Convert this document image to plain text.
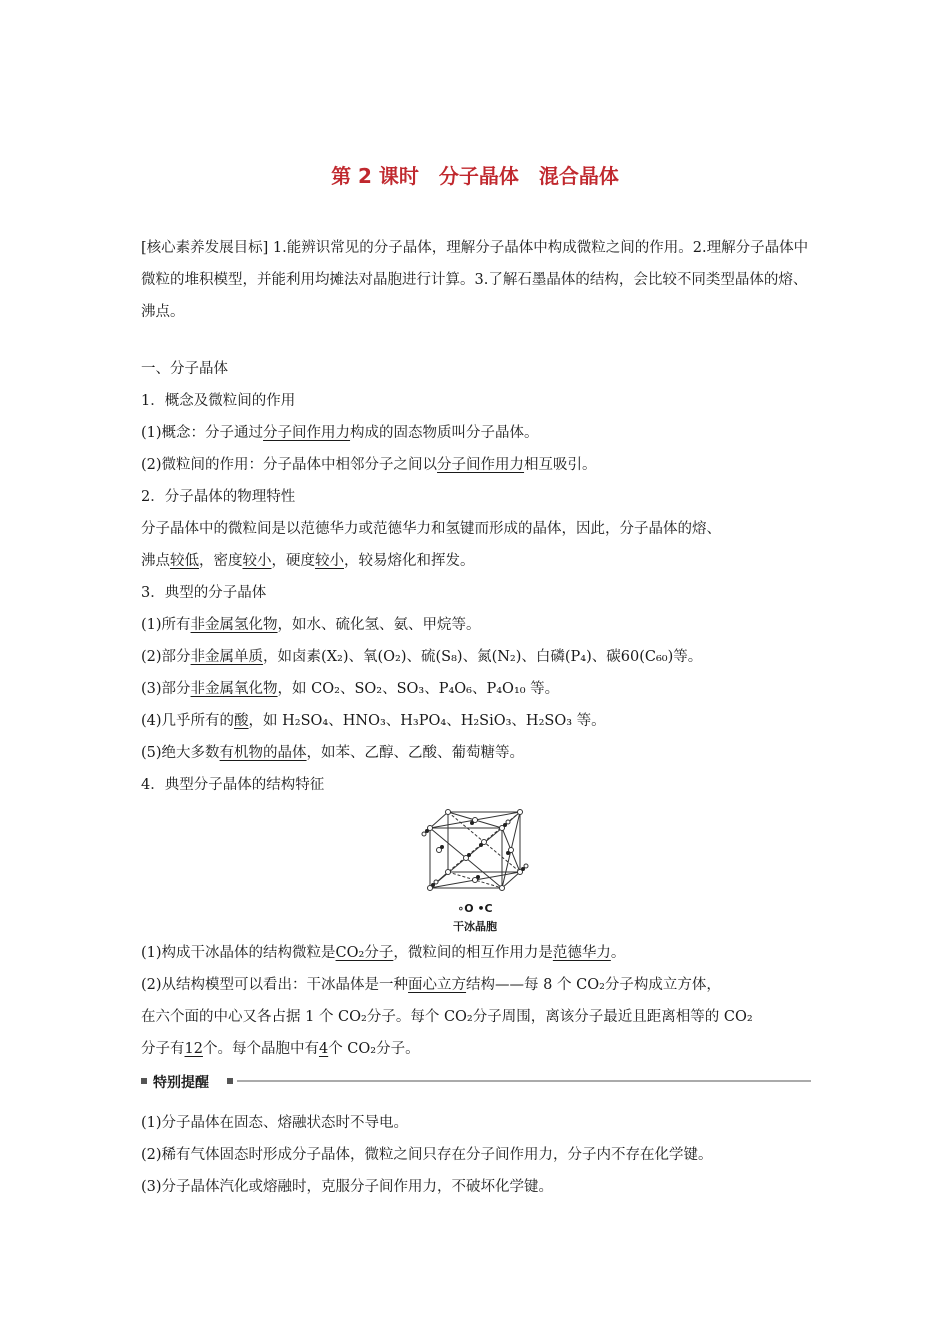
第 2 课时　分子晶体　混合晶体
[核心素养发展目标] 1.能辨识常见的分子晶体，理解分子晶体中构成微粒之间的作用。2.理解分子晶体中微粒的堆积模型，并能利用均摊法对晶胞进行计算。3.了解石墨晶体的结构，会比较不同类型晶体的熔、沸点。
一、分子晶体
1．概念及微粒间的作用
(1)概念：分子通过分子间作用力构成的固态物质叫分子晶体。
(2)微粒间的作用：分子晶体中相邻分子之间以分子间作用力相互吸引。
2．分子晶体的物理特性
分子晶体中的微粒间是以范德华力或范德华力和氢键而形成的晶体，因此，分子晶体的熔、
沸点较低，密度较小，硬度较小，较易熔化和挥发。
3．典型的分子晶体
(1)所有非金属氢化物，如水、硫化氢、氨、甲烷等。
(2)部分非金属单质，如卤素(X₂)、氧(O₂)、硫(S₈)、氮(N₂)、白磷(P₄)、碳60(C₆₀)等。
(3)部分非金属氧化物，如 CO₂、SO₂、SO₃、P₄O₆、P₄O₁₀ 等。
(4)几乎所有的酸，如 H₂SO₄、HNO₃、H₃PO₄、H₂SiO₃、H₂SO₃ 等。
(5)绝大多数有机物的晶体，如苯、乙醇、乙酸、葡萄糖等。
4．典型分子晶体的结构特征
∘O •C
干冰晶胞
(1)构成干冰晶体的结构微粒是CO₂分子，微粒间的相互作用力是范德华力。
(2)从结构模型可以看出：干冰晶体是一种面心立方结构——每 8 个 CO₂分子构成立方体，
在六个面的中心又各占据 1 个 CO₂分子。每个 CO₂分子周围，离该分子最近且距离相等的 CO₂
分子有12个。每个晶胞中有4个 CO₂分子。
特别提醒
(1)分子晶体在固态、熔融状态时不导电。
(2)稀有气体固态时形成分子晶体，微粒之间只存在分子间作用力，分子内不存在化学键。
(3)分子晶体汽化或熔融时，克服分子间作用力，不破坏化学键。
